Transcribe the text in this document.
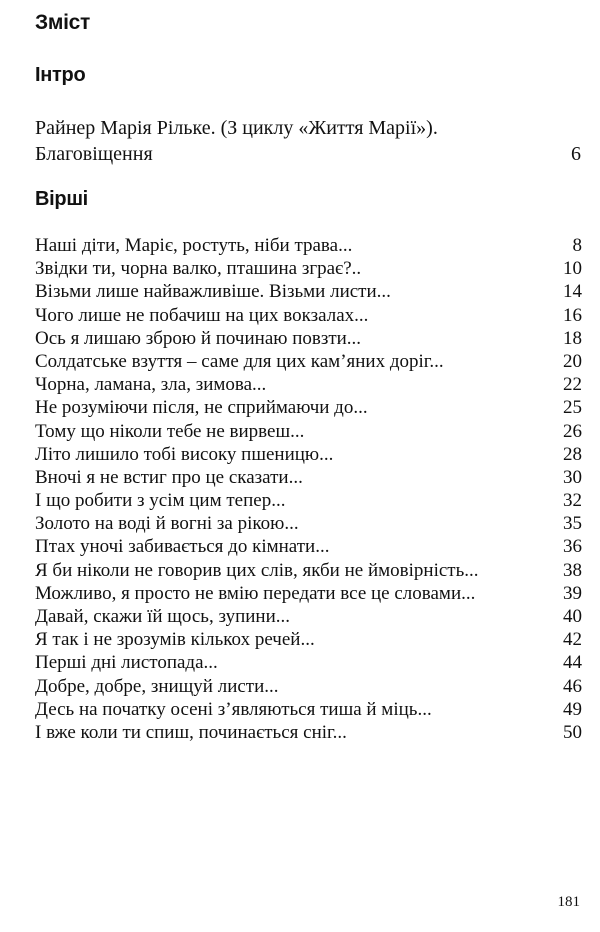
Зміст
Інтро
Райнер Марія Рільке. (З циклу «Життя Марії»).
Благовіщення	6
Вірші
Наші діти, Маріє, ростуть, ніби трава...	8
Звідки ти, чорна валко, пташина зграє?..	10
Візьми лише найважливіше. Візьми листи...	14
Чого лише не побачиш на цих вокзалах...	16
Ось я лишаю зброю й починаю повзти...	18
Солдатське взуття – саме для цих кам’яних доріг...	20
Чорна, ламана, зла, зимова...	22
Не розуміючи після, не сприймаючи до...	25
Тому що ніколи тебе не вирвеш...	26
Літо лишило тобі високу пшеницю...	28
Вночі я не встиг про це сказати...	30
І що робити з усім цим тепер...	32
Золото на воді й вогні за рікою...	35
Птах уночі забивається до кімнати...	36
Я би ніколи не говорив цих слів, якби не ймовірність...	38
Можливо, я просто не вмію передати все це словами...	39
Давай, скажи їй щось, зупини...	40
Я так і не зрозумів кількох речей...	42
Перші дні листопада...	44
Добре, добре, знищуй листи...	46
Десь на початку осені з’являються тиша й міць...	49
І вже коли ти спиш, починається сніг...	50
181
